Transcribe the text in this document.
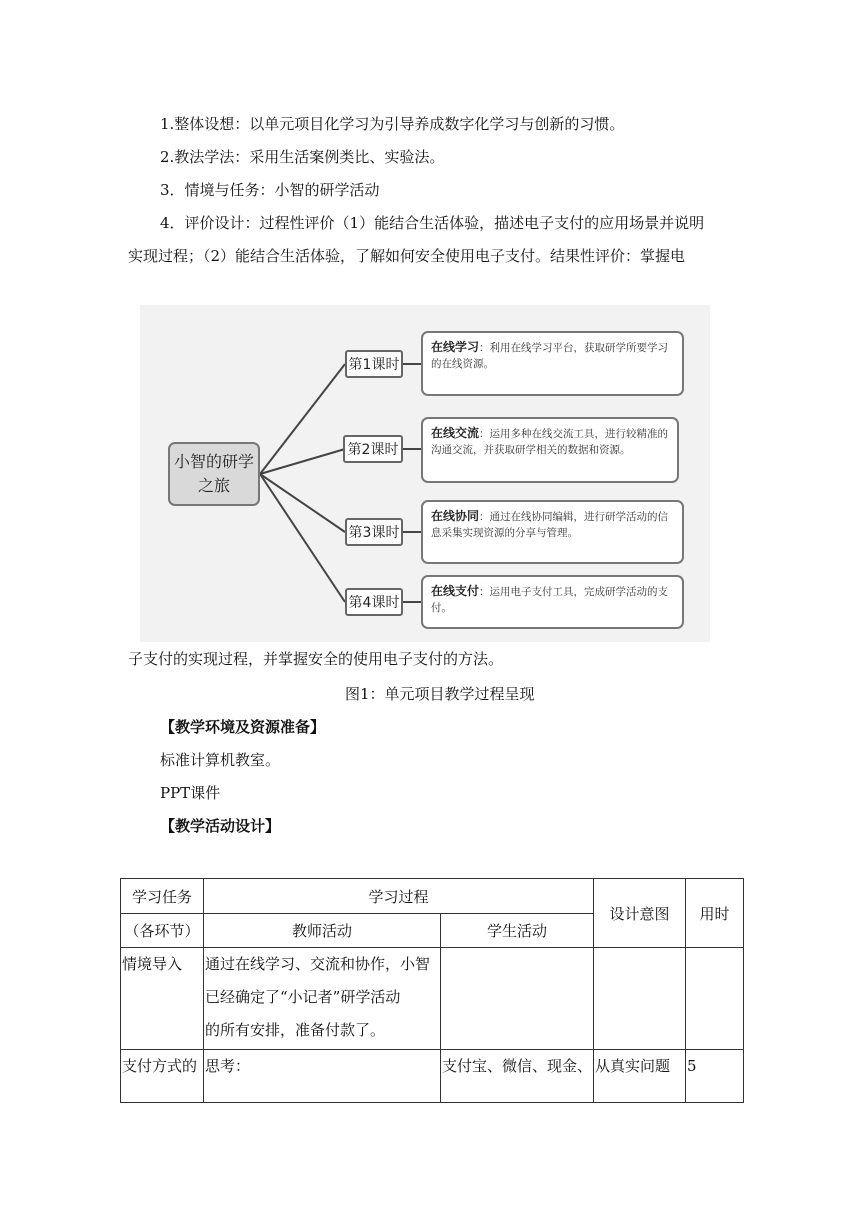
1.整体设想：以单元项目化学习为引导养成数字化学习与创新的习惯。
2.教法学法：采用生活案例类比、实验法。
3．情境与任务：小智的研学活动
4．评价设计：过程性评价（1）能结合生活体验，描述电子支付的应用场景并说明
实现过程；（2）能结合生活体验，了解如何安全使用电子支付。结果性评价：掌握电
小智的研学
之旅
第1课时
第2课时
第3课时
第4课时
在线学习：利用在线学习平台，获取研学所要学习的在线资源。
在线交流：运用多种在线交流工具，进行较精准的沟通交流，并获取研学相关的数据和资源。
在线协同：通过在线协同编辑，进行研学活动的信息采集实现资源的分享与管理。
在线支付：运用电子支付工具，完成研学活动的支付。
子支付的实现过程，并掌握安全的使用电子支付的方法。
图1：单元项目教学过程呈现
【教学环境及资源准备】
标准计算机教室。
PPT课件
【教学活动设计】
学习任务	学习过程		设计意图	用时
（各环节）	教师活动	学生活动		
情境导入	通过在线学习、交流和协作，小智
已经确定了“小记者”研学活动
的所有安排，准备付款了。			

支付方式的	思考：	支付宝、微信、现金、	从真实问题	5
